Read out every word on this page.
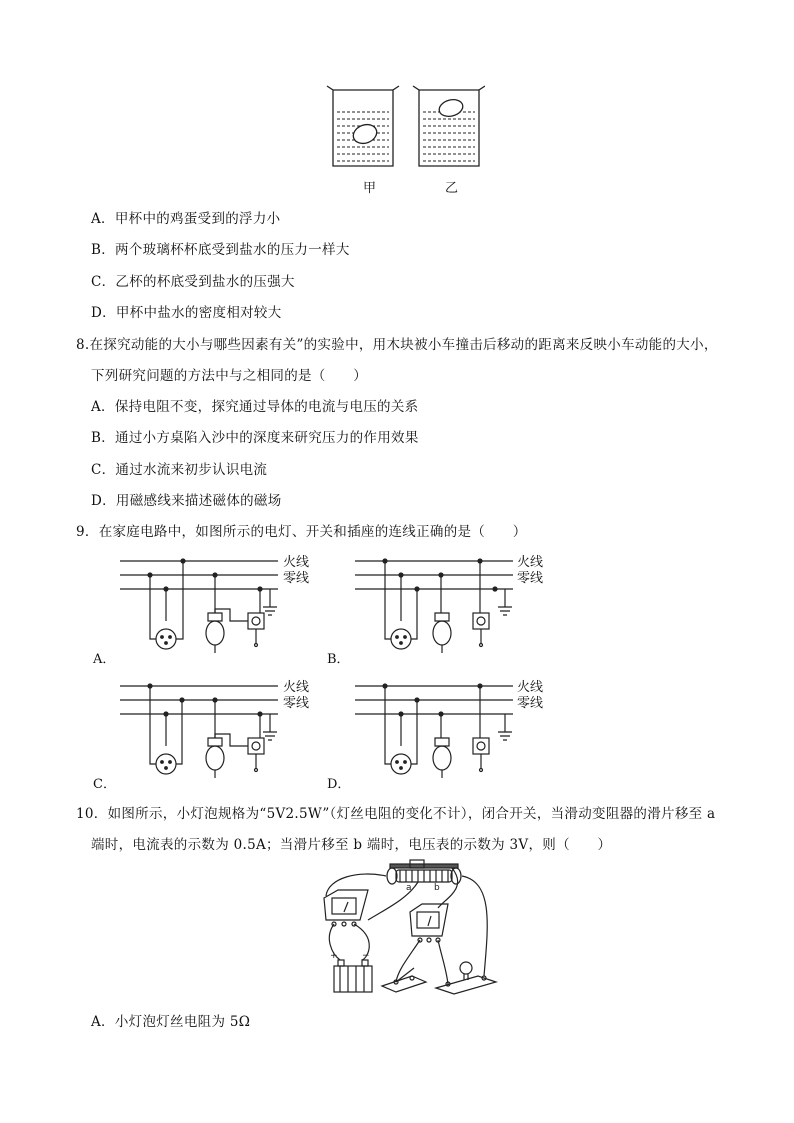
甲	乙
A．甲杯中的鸡蛋受到的浮力小
B．两个玻璃杯杯底受到盐水的压力一样大
C．乙杯的杯底受到盐水的压强大
D．甲杯中盐水的密度相对较大
8.在探究动能的大小与哪些因素有关”的实验中，用木块被小车撞击后移动的距离来反映小车动能的大小，
下列研究问题的方法中与之相同的是（　　）
A．保持电阻不变，探究通过导体的电流与电压的关系
B．通过小方桌陷入沙中的深度来研究压力的作用效果
C．通过水流来初步认识电流
D．用磁感线来描述磁体的磁场
9．在家庭电路中，如图所示的电灯、开关和插座的连线正确的是（　　）
火线
零线
A．
火线
零线
B．
火线
零线
C．
火线
零线
D．
10．如图所示，小灯泡规格为“5V2.5W”（灯丝电阻的变化不计），闭合开关，当滑动变阻器的滑片移至 a
端时，电流表的示数为 0.5A；当滑片移至 b 端时，电压表的示数为 3V，则（　　）
a b
+	−
A．小灯泡灯丝电阻为 5Ω
